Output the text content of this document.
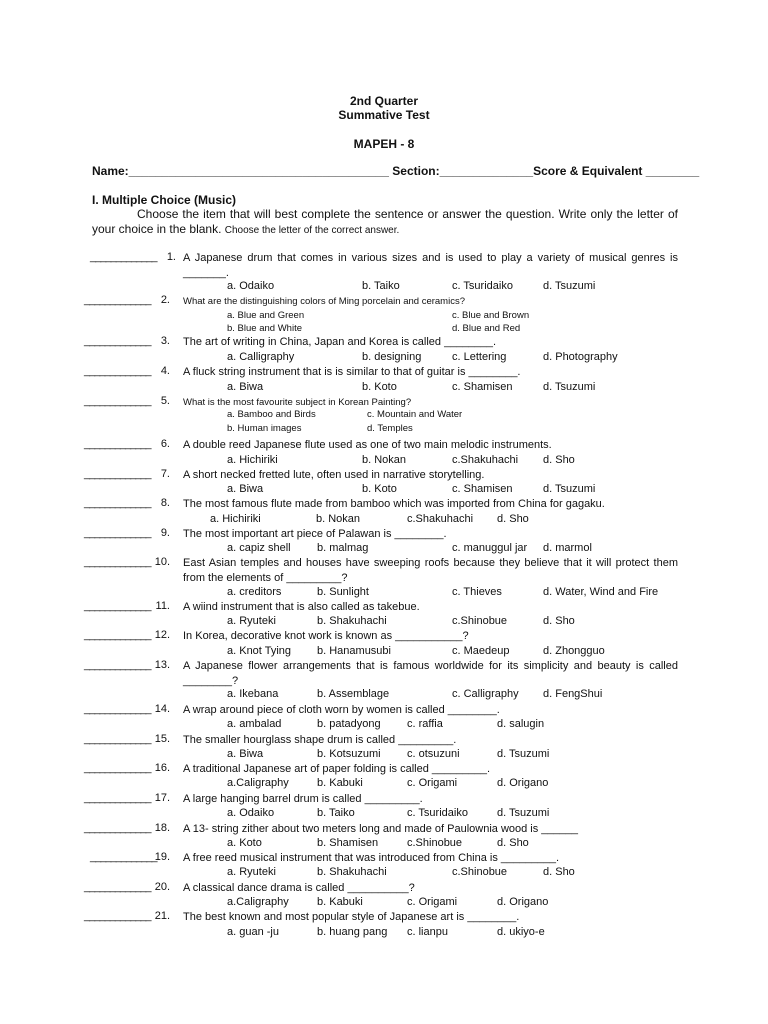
2nd Quarter
Summative Test
MAPEH - 8
Name:_______________________________________ Section:______________Score & Equivalent ________
I. Multiple Choice (Music)
Choose the item that will best complete the sentence or answer the question. Write only the letter of your choice in the blank. Choose the letter of the correct answer.
_____________ 1. A Japanese drum that comes in various sizes and is used to play a variety of musical genres is _______.
a. Odaiko	b. Taiko	c. Tsuridaiko	d. Tsuzumi
_____________ 2. What are the distinguishing colors of Ming porcelain and ceramics?
a. Blue and Green	c. Blue and Brown
b. Blue and White	d. Blue and Red
_____________ 3. The art of writing in China, Japan and Korea is called ________.
a. Calligraphy	b. designing	c. Lettering	d. Photography
_____________ 4. A fluck string instrument that is is similar to that of guitar is ________.
a. Biwa	b. Koto	c. Shamisen	d. Tsuzumi
_____________ 5. What is the most favourite subject in Korean Painting?
a. Bamboo and Birds	c. Mountain and Water
b. Human images	d. Temples
_____________ 6. A double reed Japanese flute used as one of two main melodic instruments.
a. Hichiriki	b. Nokan	c.Shakuhachi d. Sho
_____________ 7. A short necked fretted lute, often used in narrative storytelling.
a. Biwa	b. Koto	c. Shamisen	d. Tsuzumi
_____________ 8. The most famous flute made from bamboo which was imported from China for gagaku.
a. Hichiriki	b. Nokan	c.Shakuhachi d. Sho
_____________ 9. The most important art piece of Palawan is ________.
a. capiz shell b. malmag	c. manuggul jar d. marmol
_____________ 10. East Asian temples and houses have sweeping roofs because they believe that it will protect them from the elements of _________?
a. creditors	b. Sunlight	c. Thieves	d. Water, Wind and Fire
_____________ 11. A wiind instrument that is also called as takebue.
a. Ryuteki	b. Shakuhachi	c.Shinobue	d. Sho
_____________ 12. In Korea, decorative knot work is known as ___________?
a. Knot Tying b. Hanamusubi	c. Maedeup	d. Zhongguo
_____________ 13. A Japanese flower arrangements that is famous worldwide for its simplicity and beauty is called ________?
a. Ikebana	b. Assemblage	c. Calligraphy d. FengShui
_____________ 14. A wrap around piece of cloth worn by women is called ________.
a. ambalad	b. patadyong c. raffia	d. salugin
_____________ 15. The smaller hourglass shape drum is called _________.
a. Biwa	b. Kotsuzumi c. otsuzuni	d. Tsuzumi
_____________ 16. A traditional Japanese art of paper folding is called _________.
a.Caligraphy	b. Kabuki	c. Origami	d. Origano
_____________ 17. A large hanging barrel drum is called _________.
a. Odaiko	b. Taiko	c. Tsuridaiko	d. Tsuzumi
_____________ 18. A 13- string zither about two meters long and made of Paulownia wood is ______
a. Koto	b. Shamisen	c.Shinobue	d. Sho
_____________
19. A free reed musical instrument that was introduced from China is _________.
a. Ryuteki	b. Shakuhachi	c.Shinobue	d. Sho
_____________ 20. A classical dance drama is called __________?
a.Caligraphy	b. Kabuki	c. Origami	d. Origano
_____________ 21. The best known and most popular style of Japanese art is ________.
a. guan -ju	b. huang pang c. lianpu	d. ukiyo-e
